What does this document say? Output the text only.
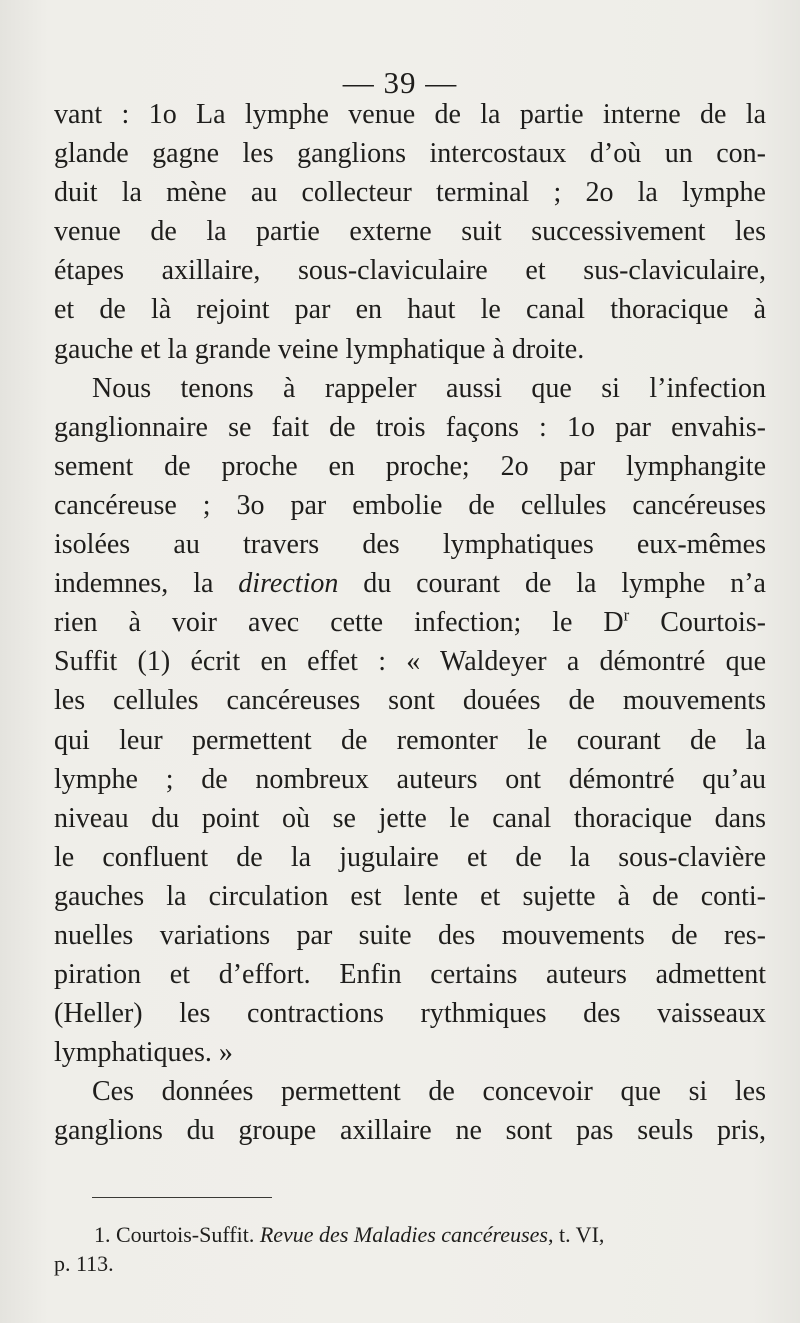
— 39 —
vant : 1o La lymphe venue de la partie interne de la
glande gagne les ganglions intercostaux d’où un con-
duit la mène au collecteur terminal ; 2o la lymphe
venue de la partie externe suit successivement les
étapes axillaire, sous-claviculaire et sus-claviculaire,
et de là rejoint par en haut le canal thoracique à
gauche et la grande veine lymphatique à droite.
Nous tenons à rappeler aussi que si l’infection
ganglionnaire se fait de trois façons : 1o par envahis-
sement de proche en proche; 2o par lymphangite
cancéreuse ; 3o par embolie de cellules cancéreuses
isolées au travers des lymphatiques eux-mêmes
indemnes, la direction du courant de la lymphe n’a
rien à voir avec cette infection; le $D^r$ Courtois-
Suffit (1) écrit en effet : « Waldeyer a démontré que
les cellules cancéreuses sont douées de mouvements
qui leur permettent de remonter le courant de la
lymphe ; de nombreux auteurs ont démontré qu’au
niveau du point où se jette le canal thoracique dans
le confluent de la jugulaire et de la sous-clavière
gauches la circulation est lente et sujette à de conti-
nuelles variations par suite des mouvements de res-
piration et d’effort. Enfin certains auteurs admettent
(Heller) les contractions rythmiques des vaisseaux
lymphatiques. »
Ces données permettent de concevoir que si les
ganglions du groupe axillaire ne sont pas seuls pris,
1. Courtois-Suffit. Revue des Maladies cancéreuses, t. VI,
p. 113.
